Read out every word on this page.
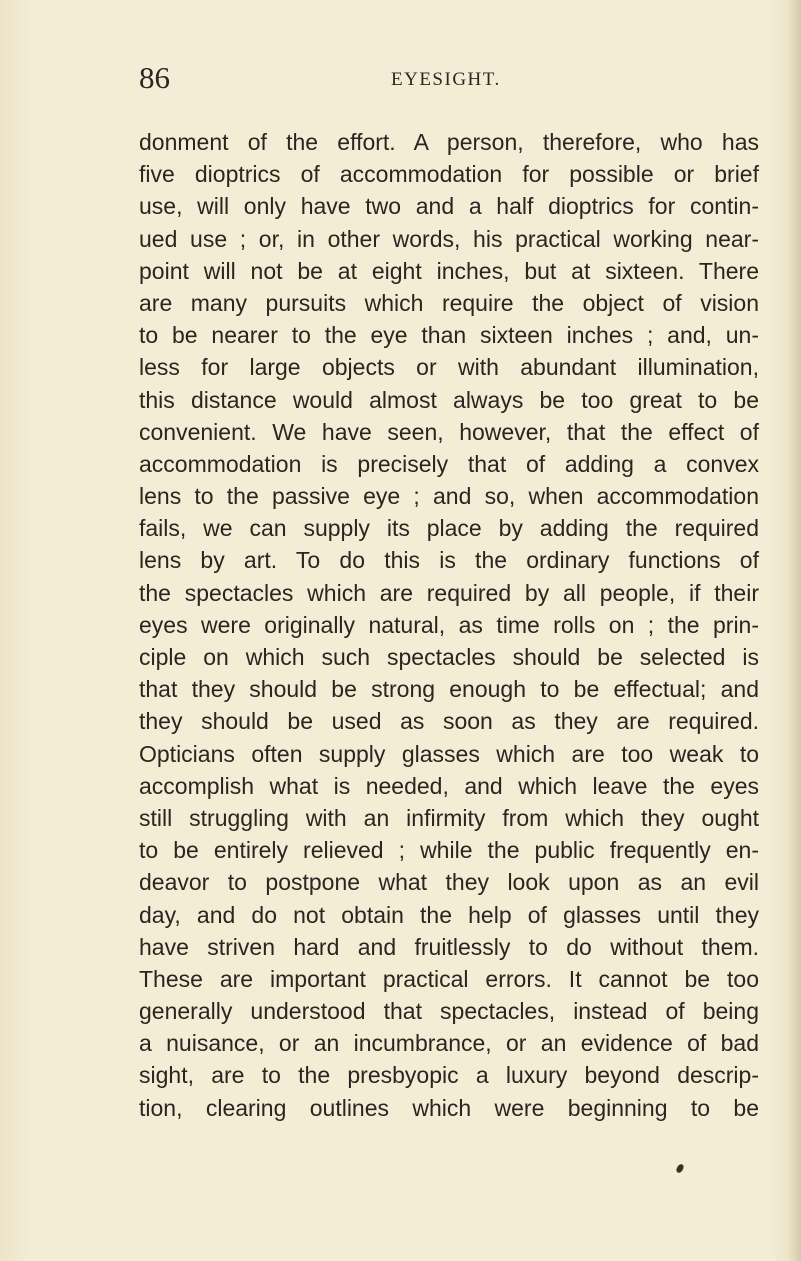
86	EYESIGHT.
donment of the effort. A person, therefore, who has
five dioptrics of accommodation for possible or brief
use, will only have two and a half dioptrics for contin-
ued use ; or, in other words, his practical working near-
point will not be at eight inches, but at sixteen. There
are many pursuits which require the object of vision
to be nearer to the eye than sixteen inches ; and, un-
less for large objects or with abundant illumination,
this distance would almost always be too great to be
convenient. We have seen, however, that the effect of
accommodation is precisely that of adding a convex
lens to the passive eye ; and so, when accommodation
fails, we can supply its place by adding the required
lens by art. To do this is the ordinary functions of
the spectacles which are required by all people, if their
eyes were originally natural, as time rolls on ; the prin-
ciple on which such spectacles should be selected is
that they should be strong enough to be effectual; and
they should be used as soon as they are required.
Opticians often supply glasses which are too weak to
accomplish what is needed, and which leave the eyes
still struggling with an infirmity from which they ought
to be entirely relieved ; while the public frequently en-
deavor to postpone what they look upon as an evil
day, and do not obtain the help of glasses until they
have striven hard and fruitlessly to do without them.
These are important practical errors. It cannot be too
generally understood that spectacles, instead of being
a nuisance, or an incumbrance, or an evidence of bad
sight, are to the presbyopic a luxury beyond descrip-
tion, clearing outlines which were beginning to be
